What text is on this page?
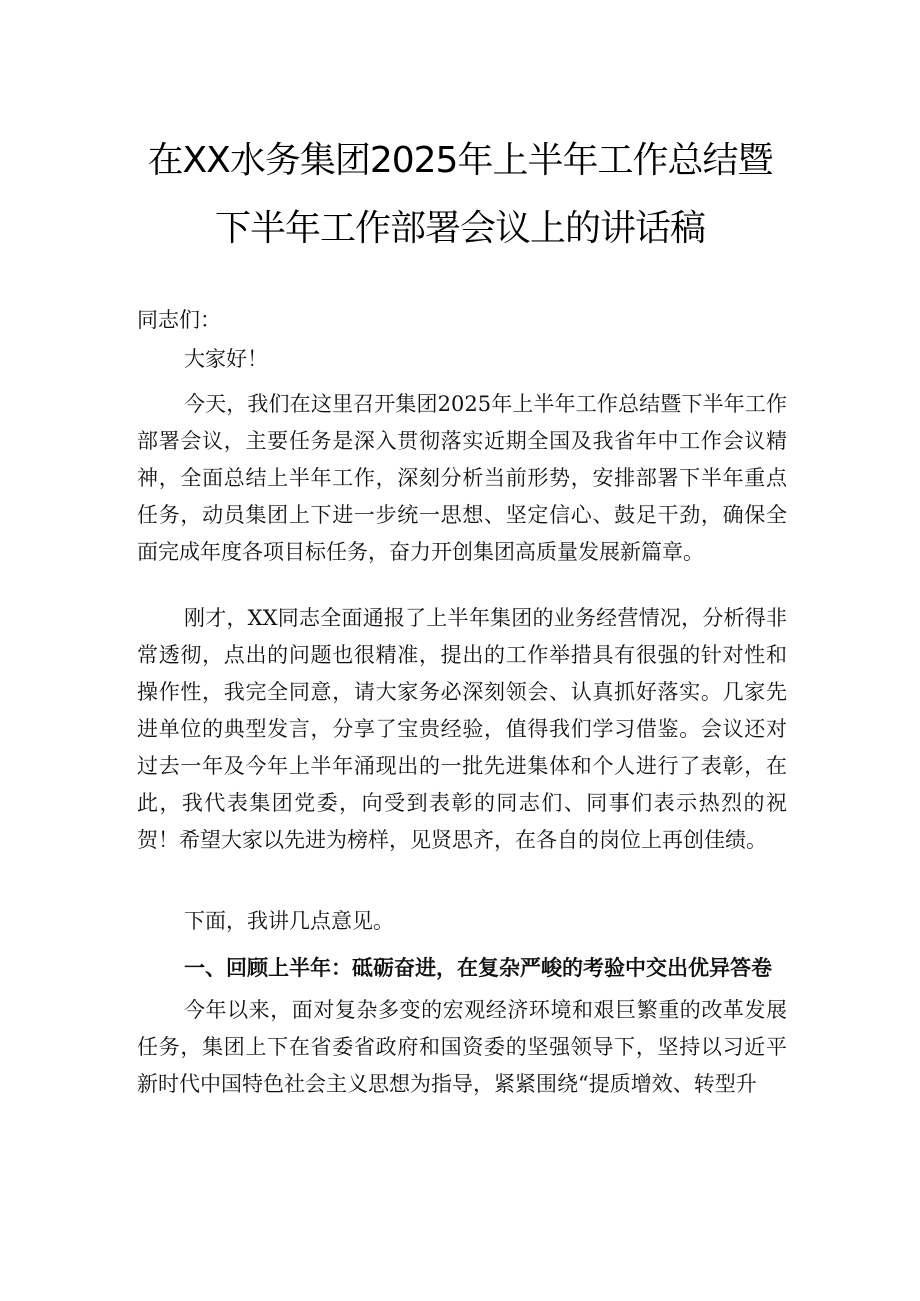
在XX水务集团2025年上半年工作总结暨
下半年工作部署会议上的讲话稿
同志们：

大家好！

今天，我们在这里召开集团2025年上半年工作总结暨下半年工作部署会议，主要任务是深入贯彻落实近期全国及我省年中工作会议精神，全面总结上半年工作，深刻分析当前形势，安排部署下半年重点任务，动员集团上下进一步统一思想、坚定信心、鼓足干劲，确保全面完成年度各项目标任务，奋力开创集团高质量发展新篇章。

刚才，XX同志全面通报了上半年集团的业务经营情况，分析得非常透彻，点出的问题也很精准，提出的工作举措具有很强的针对性和操作性，我完全同意，请大家务必深刻领会、认真抓好落实。几家先进单位的典型发言，分享了宝贵经验，值得我们学习借鉴。会议还对过去一年及今年上半年涌现出的一批先进集体和个人进行了表彰，在此，我代表集团党委，向受到表彰的同志们、同事们表示热烈的祝贺！希望大家以先进为榜样，见贤思齐，在各自的岗位上再创佳绩。

下面，我讲几点意见。

一、回顾上半年：砥砺奋进，在复杂严峻的考验中交出优异答卷

今年以来，面对复杂多变的宏观经济环境和艰巨繁重的改革发展任务，集团上下在省委省政府和国资委的坚强领导下，坚持以习近平新时代中国特色社会主义思想为指导，紧紧围绕“提质增效、转型升
